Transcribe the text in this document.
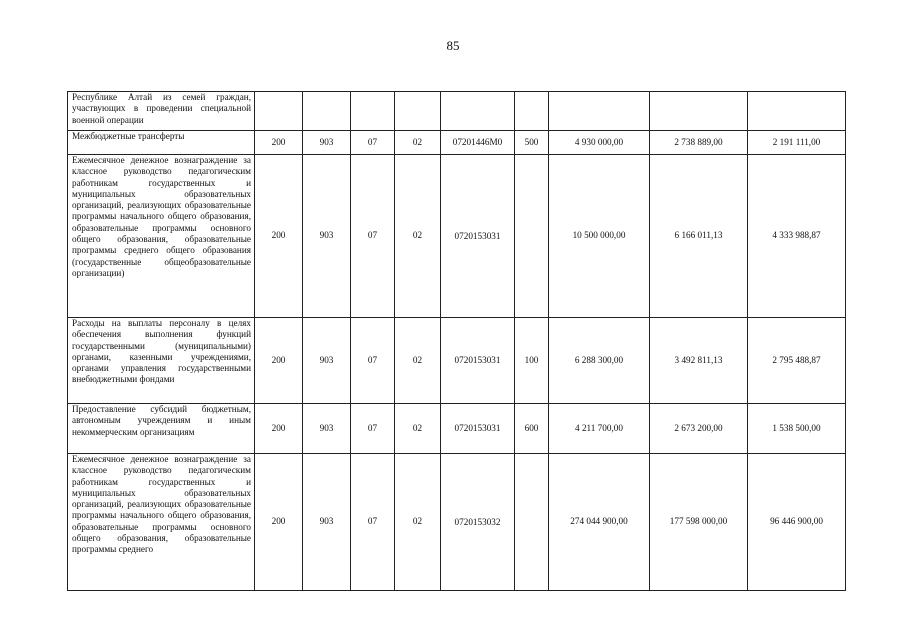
85
Республике Алтай из семей граждан, участвующих в проведении специальной военной операции									
Межбюджетные трансферты	200	903	07	02	07201446М0	500	4 930 000,00	2 738 889,00	2 191 111,00
Ежемесячное денежное вознаграждение за классное руководство педагогическим работникам государственных и муниципальных образовательных организаций, реализующих образовательные программы начального общего образования, образовательные программы основного общего образования, образовательные программы среднего общего образования (государственные общеобразовательные организации)	200	903	07	02	0720153031		10 500 000,00	6 166 011,13	4 333 988,87
Расходы на выплаты персоналу в целях обеспечения выполнения функций государственными (муниципальными) органами, казенными учреждениями, органами управления государственными внебюджетными фондами	200	903	07	02	0720153031	100	6 288 300,00	3 492 811,13	2 795 488,87
Предоставление субсидий бюджетным, автономным учреждениям и иным некоммерческим организациям	200	903	07	02	0720153031	600	4 211 700,00	2 673 200,00	1 538 500,00
Ежемесячное денежное вознаграждение за классное руководство педагогическим работникам государственных и муниципальных образовательных организаций, реализующих образовательные программы начального общего образования, образовательные программы основного общего образования, образовательные программы среднего	200	903	07	02	0720153032		274 044 900,00	177 598 000,00	96 446 900,00
